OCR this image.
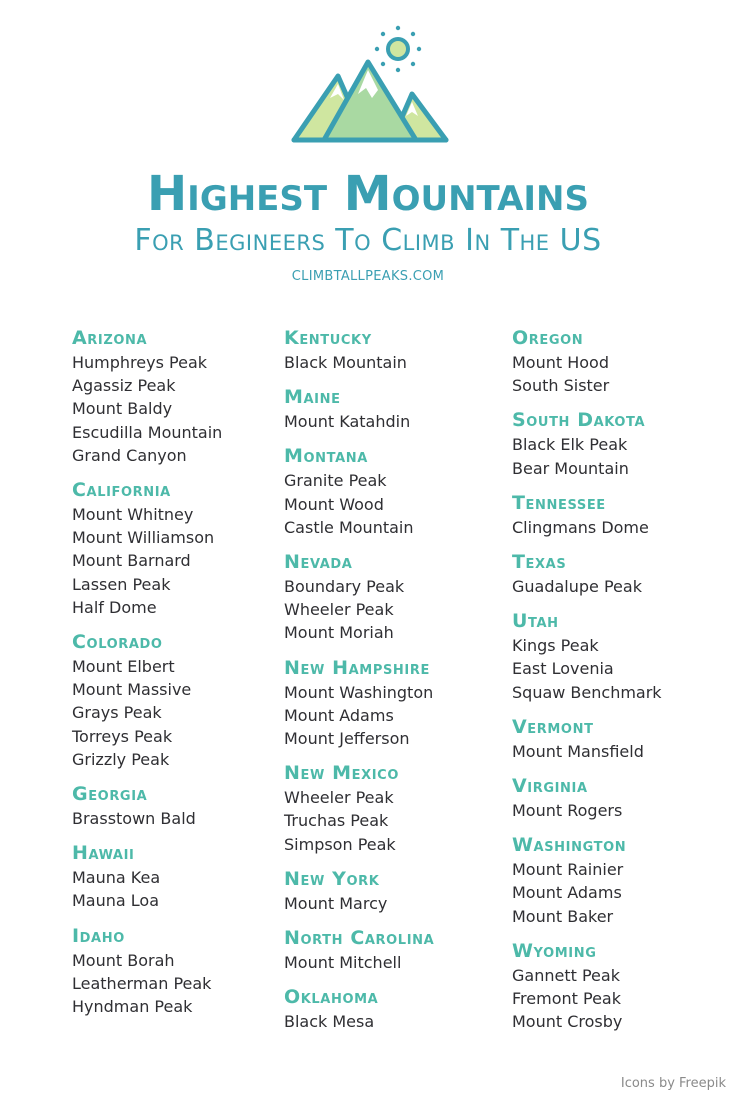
Highest Mountains
For Begineers To Climb In The US
CLIMBTALLPEAKS.COM
Arizona
Humphreys Peak
Agassiz Peak
Mount Baldy
Escudilla Mountain
Grand Canyon
California
Mount Whitney
Mount Williamson
Mount Barnard
Lassen Peak
Half Dome
Colorado
Mount Elbert
Mount Massive
Grays Peak
Torreys Peak
Grizzly Peak
Georgia
Brasstown Bald
Hawaii
Mauna Kea
Mauna Loa
Idaho
Mount Borah
Leatherman Peak
Hyndman Peak
Kentucky
Black Mountain
Maine
Mount Katahdin
Montana
Granite Peak
Mount Wood
Castle Mountain
Nevada
Boundary Peak
Wheeler Peak
Mount Moriah
New Hampshire
Mount Washington
Mount Adams
Mount Jefferson
New Mexico
Wheeler Peak
Truchas Peak
Simpson Peak
New York
Mount Marcy
North Carolina
Mount Mitchell
Oklahoma
Black Mesa
Oregon
Mount Hood
South Sister
South Dakota
Black Elk Peak
Bear Mountain
Tennessee
Clingmans Dome
Texas
Guadalupe Peak
Utah
Kings Peak
East Lovenia
Squaw Benchmark
Vermont
Mount Mansfield
Virginia
Mount Rogers
Washington
Mount Rainier
Mount Adams
Mount Baker
Wyoming
Gannett Peak
Fremont Peak
Mount Crosby
Icons by Freepik
